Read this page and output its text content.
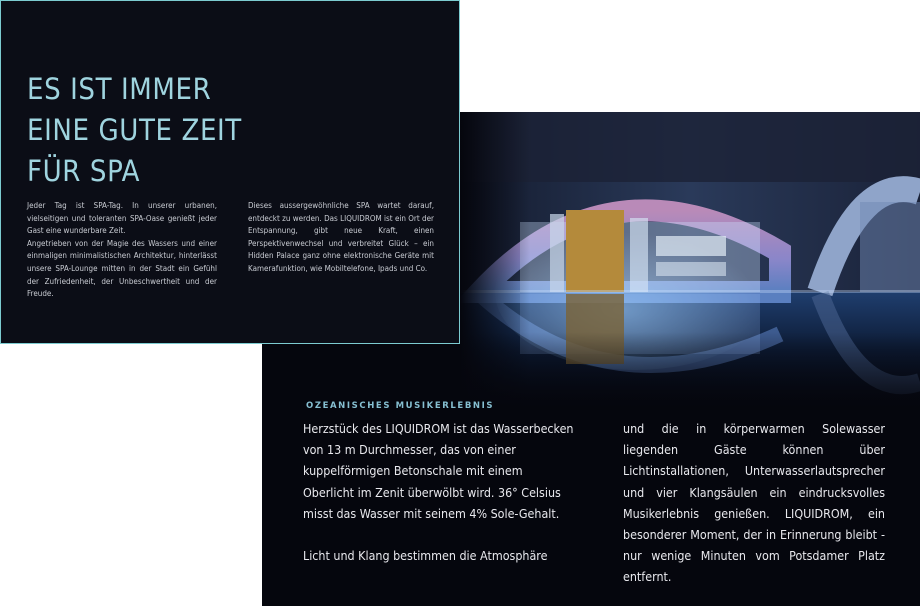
OZEANISCHES MUSIKERLEBNIS

Herzstück des LIQUIDROM ist das Wasserbecken von 13 m Durchmesser, das von einer kuppelförmigen Betonschale mit einem Oberlicht im Zenit überwölbt wird. 36° Celsius misst das Wasser mit seinem 4% Sole-Gehalt.

Licht und Klang bestimmen die Atmosphäre

und die in körperwarmen Solewasser liegenden Gäste können über Lichtinstallationen, Unterwasserlautsprecher und vier Klangsäulen ein eindrucksvolles Musikerlebnis genießen. LIQUIDROM, ein besonderer Moment, der in Erinnerung bleibt - nur wenige Minuten vom Potsdamer Platz entfernt.

ES IST IMMER
EINE GUTE ZEIT
FÜR SPA

Jeder Tag ist SPA-Tag. In unserer urbanen, vielseitigen und toleranten SPA-Oase genießt jeder Gast eine wunderbare Zeit.

Angetrieben von der Magie des Wassers und einer einmaligen minimalistischen Architektur, hinterlässt unsere SPA-Lounge mitten in der Stadt ein Gefühl der Zufriedenheit, der Unbeschwertheit und der Freude.

Dieses aussergewöhnliche SPA wartet darauf, entdeckt zu werden. Das LIQUIDROM ist ein Ort der Entspannung, gibt neue Kraft, einen Perspektivenwechsel und verbreitet Glück – ein Hidden Palace ganz ohne elektronische Geräte mit Kamerafunktion, wie Mobiltelefone, Ipads und Co.
